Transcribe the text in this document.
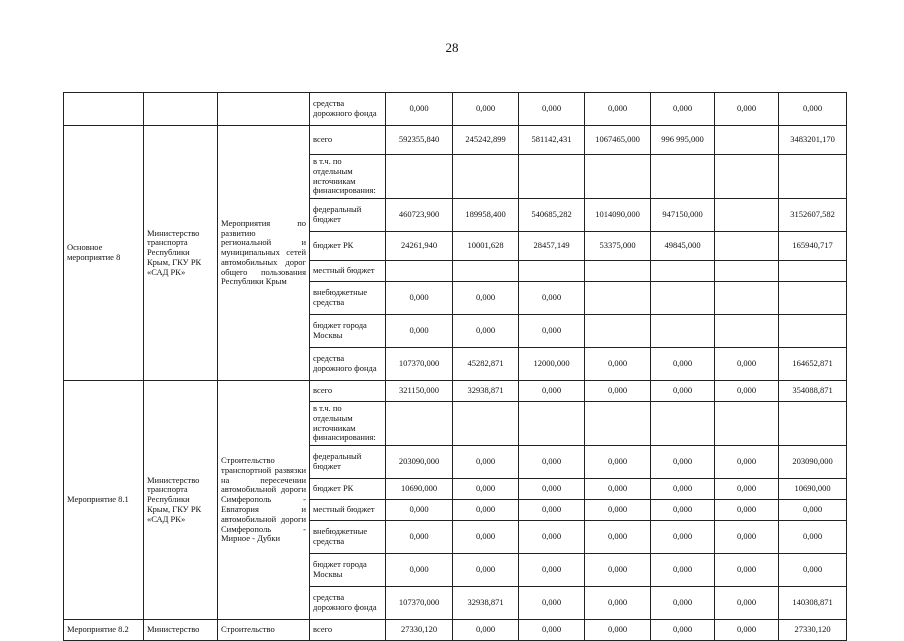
28
			средства дорожного фонда	0,000	0,000	0,000	0,000	0,000	0,000	0,000
Основное мероприятие 8	Министерство транспорта Республики Крым, ГКУ РК «САД РК»	Мероприятия по развитию региональной и муниципальных сетей автомобильных дорог общего пользования Республики Крым	всего	592355,840	245242,899	581142,431	1067465,000	996 995,000		3483201,170
			в т.ч. по отдельным источникам финансирования:							
			федеральный бюджет	460723,900	189958,400	540685,282	1014090,000	947150,000		3152607,582
			бюджет РК	24261,940	10001,628	28457,149	53375,000	49845,000		165940,717
			местный бюджет							
			внебюджетные средства	0,000	0,000	0,000				
			бюджет города Москвы	0,000	0,000	0,000				
			средства дорожного фонда	107370,000	45282,871	12000,000	0,000	0,000	0,000	164652,871
Мероприятие 8.1	Министерство транспорта Республики Крым, ГКУ РК «САД РК»	Строительство транспортной развязки на пересечении автомобильной дороги Симферополь - Евпатория и автомобильной дороги Симферополь - Мирное - Дубки	всего	321150,000	32938,871	0,000	0,000	0,000	0,000	354088,871
			в т.ч. по отдельным источникам финансирования:							
			федеральный бюджет	203090,000	0,000	0,000	0,000	0,000	0,000	203090,000
			бюджет РК	10690,000	0,000	0,000	0,000	0,000	0,000	10690,000
			местный бюджет	0,000	0,000	0,000	0,000	0,000	0,000	0,000
			внебюджетные средства	0,000	0,000	0,000	0,000	0,000	0,000	0,000
			бюджет города Москвы	0,000	0,000	0,000	0,000	0,000	0,000	0,000
			средства дорожного фонда	107370,000	32938,871	0,000	0,000	0,000	0,000	140308,871
Мероприятие 8.2	Министерство	Строительство	всего	27330,120	0,000	0,000	0,000	0,000	0,000	27330,120
